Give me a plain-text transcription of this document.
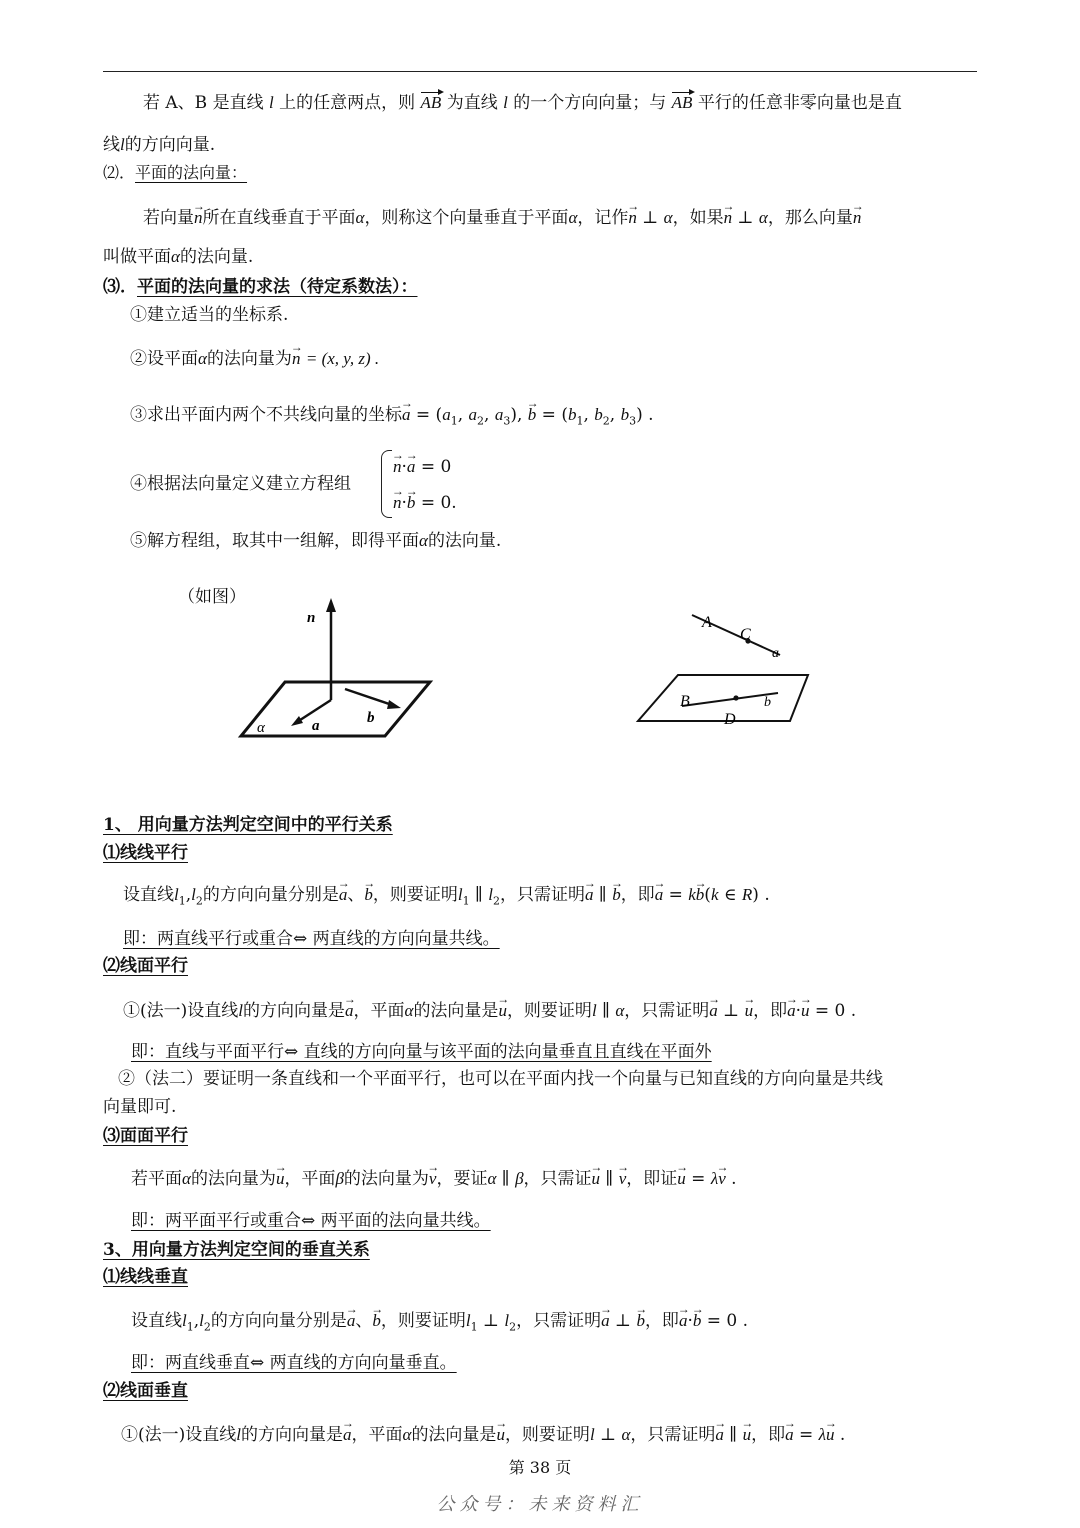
若 A、B 是直线 l 上的任意两点，则 AB 为直线 l 的一个方向向量；与 AB 平行的任意非零向量也是直
线l的方向向量.
⑵．平面的法向量：
若向量→ n所在直线垂直于平面α，则称这个向量垂直于平面α，记作→ n ⊥ α，如果→ n ⊥ α，那么向量→ n
叫做平面α的法向量.
⑶．平面的法向量的求法（待定系数法）：
①建立适当的坐标系.
②设平面α的法向量为→ n = (x, y, z) .
③求出平面内两个不共线向量的坐标→ $a = (a_1$, $a_2$, $a_3$), → $b = (b_1$, $b_2$, $b_3$) .
④根据法向量定义建立方程组
→ n·→ a = 0
→ n·→ b = 0.
⑤解方程组，取其中一组解，即得平面α的法向量.
（如图）
n
a	b
α
A
C
a
B
D
b
1、 用向量方法判定空间中的平行关系
⑴线线平行
设直线$l_1,l_2$的方向向量分别是→ a、→ b，则要证明$l_1$ ∥ $l_2$，只需证明→ a ∥ → b，即→ a = k→ b(k ∈ R) .
即：两直线平行或重合⇔ 两直线的方向向量共线。
⑵线面平行
①(法一)设直线l的方向向量是→ a，平面α的法向量是→ u，则要证明l ∥ α，只需证明→ a ⊥ → u，即→ a·→ u = 0 .
即：直线与平面平行⇔ 直线的方向向量与该平面的法向量垂直且直线在平面外
②（法二）要证明一条直线和一个平面平行，也可以在平面内找一个向量与已知直线的方向向量是共线
向量即可.
⑶面面平行
若平面α的法向量为→ u，平面β的法向量为→ v，要证α ∥ β，只需证→ u ∥ → v，即证→ u = λ→ v .
即：两平面平行或重合⇔ 两平面的法向量共线。
3、用向量方法判定空间的垂直关系
⑴线线垂直
设直线$l_1,l_2$的方向向量分别是→ a、→ b，则要证明$l_1$ ⊥ $l_2$，只需证明→ a ⊥ → b，即→ a·→ b = 0 .
即：两直线垂直⇔ 两直线的方向向量垂直。
⑵线面垂直
①(法一)设直线l的方向向量是→ a，平面α的法向量是→ u，则要证明l ⊥ α，只需证明→ a ∥ → u，即→ a = λ→ u .
第 38 页
公众号：未来资料汇
